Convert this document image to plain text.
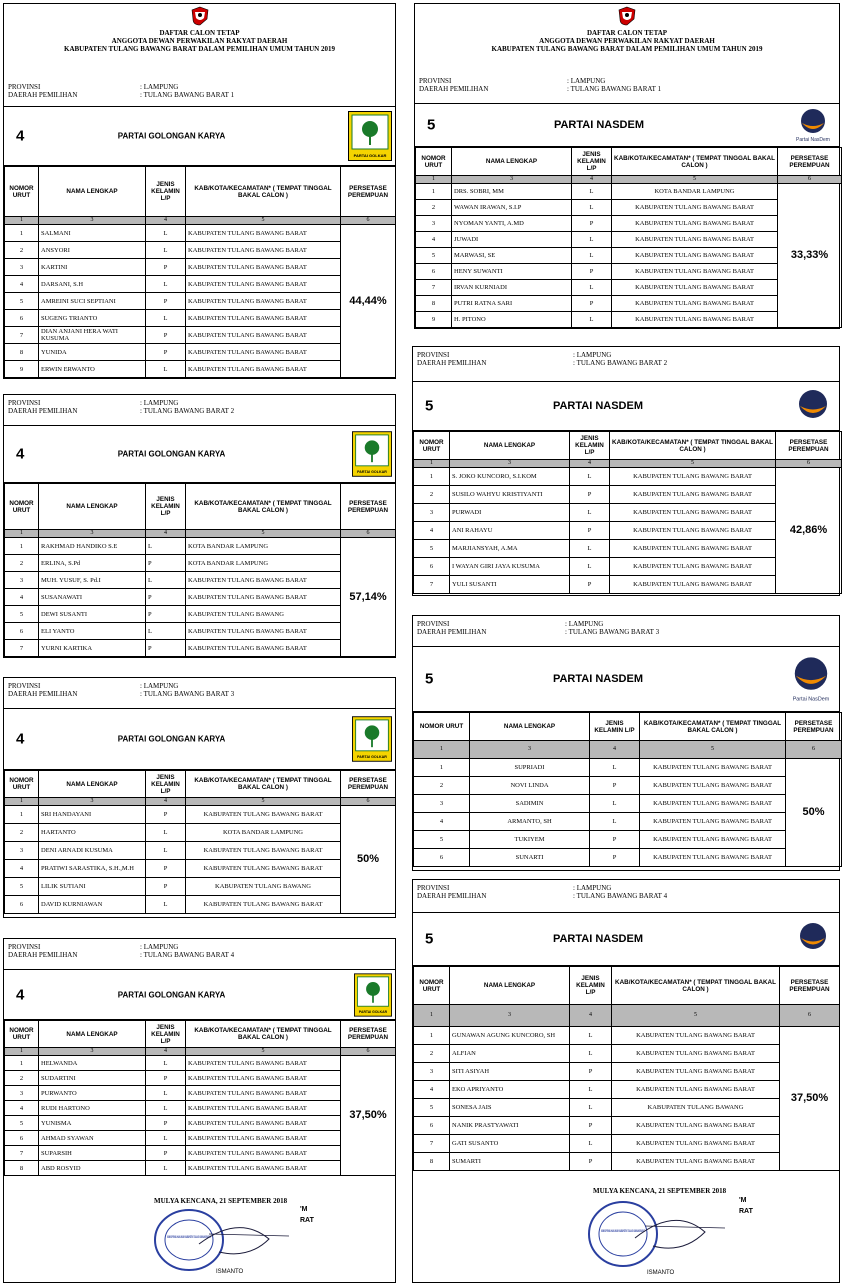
DAFTAR CALON TETAP
ANGGOTA DEWAN PERWAKILAN RAKYAT DAERAH
KABUPATEN TULANG BAWANG BARAT DALAM PEMILIHAN UMUM TAHUN 2019
PROVINSI	: LAMPUNG
DAERAH PEMILIHAN	: TULANG BAWANG BARAT 1
4	PARTAI GOLONGAN KARYA
PARTAI GOLKAR
NOMOR URUT	NAMA LENGKAP	JENIS KELAMIN L/P	KAB/KOTA/KECAMATAN* ( TEMPAT TINGGAL BAKAL CALON )	PERSETASE PEREMPUAN
1	3	4	5	6
1	SALMANI	L	KABUPATEN TULANG BAWANG BARAT	44,44%
2	ANSYORI	L	KABUPATEN TULANG BAWANG BARAT	
3	KARTINI	P	KABUPATEN TULANG BAWANG BARAT	
4	DARSANI, S.H	L	KABUPATEN TULANG BAWANG BARAT	
5	AMREINI SUCI SEPTIANI	P	KABUPATEN TULANG BAWANG BARAT	
6	SUGENG TRIANTO	L	KABUPATEN TULANG BAWANG BARAT	
7	DIAN ANJANI HERA WATI KUSUMA	P	KABUPATEN TULANG BAWANG BARAT	
8	YUNIDA	P	KABUPATEN TULANG BAWANG BARAT	
9	ERWIN ERWANTO	L	KABUPATEN TULANG BAWANG BARAT	
PROVINSI	: LAMPUNG
DAERAH PEMILIHAN	: TULANG BAWANG BARAT 2
4	PARTAI GOLONGAN KARYA
PARTAI GOLKAR
NOMOR URUT	NAMA LENGKAP	JENIS KELAMIN L/P	KAB/KOTA/KECAMATAN* ( TEMPAT TINGGAL BAKAL CALON )	PERSETASE PEREMPUAN
1	3	4	5	6
1	RAKHMAD HANDIKO S.E	L	KOTA BANDAR LAMPUNG	57,14%
2	ERLINA, S.Pd	P	KOTA BANDAR LAMPUNG	
3	MUH. YUSUF, S. Pd.I	L	KABUPATEN TULANG BAWANG BARAT	
4	SUSANAWATI	P	KABUPATEN TULANG BAWANG BARAT	
5	DEWI SUSANTI	P	KABUPATEN TULANG BAWANG	
6	ELI YANTO	L	KABUPATEN TULANG BAWANG BARAT	
7	YURNI KARTIKA	P	KABUPATEN TULANG BAWANG BARAT	
PROVINSI	: LAMPUNG
DAERAH PEMILIHAN	: TULANG BAWANG BARAT 3
4	PARTAI GOLONGAN KARYA
PARTAI GOLKAR
NOMOR URUT	NAMA LENGKAP	JENIS KELAMIN L/P	KAB/KOTA/KECAMATAN* ( TEMPAT TINGGAL BAKAL CALON )	PERSETASE PEREMPUAN
1	3	4	5	6
1	SRI HANDAYANI	P	KABUPATEN TULANG BAWANG BARAT	50%
2	HARTANTO	L	KOTA BANDAR LAMPUNG	
3	DENI ARNADI KUSUMA	L	KABUPATEN TULANG BAWANG BARAT	
4	PRATIWI SARASTIKA, S.H.,M.H	P	KABUPATEN TULANG BAWANG BARAT	
5	LILIK SUTIANI	P	KABUPATEN TULANG BAWANG	
6	DAVID KURNIAWAN	L	KABUPATEN TULANG BAWANG BARAT	
PROVINSI	: LAMPUNG
DAERAH PEMILIHAN	: TULANG BAWANG BARAT 4
4	PARTAI GOLONGAN KARYA
PARTAI GOLKAR
NOMOR URUT	NAMA LENGKAP	JENIS KELAMIN L/P	KAB/KOTA/KECAMATAN* ( TEMPAT TINGGAL BAKAL CALON )	PERSETASE PEREMPUAN
1	3	4	5	6
1	HELWANDA	L	KABUPATEN TULANG BAWANG BARAT	37,50%
2	SUDARTINI	P	KABUPATEN TULANG BAWANG BARAT	
3	PURWANTO	L	KABUPATEN TULANG BAWANG BARAT	
4	RUDI HARTONO	L	KABUPATEN TULANG BAWANG BARAT	
5	YUNISMA	P	KABUPATEN TULANG BAWANG BARAT	
6	AHMAD SYAWAN	L	KABUPATEN TULANG BAWANG BARAT	
7	SUPARSIH	P	KABUPATEN TULANG BAWANG BARAT	
8	ABD ROSYID	L	KABUPATEN TULANG BAWANG BARAT	
MULYA KENCANA, 21 SEPTEMBER 2018
'M
RAT
KOMISI PEMILIHAN UMUM KABUPATEN TULANG BAWANG BARAT
ISMANTO
DAFTAR CALON TETAP
ANGGOTA DEWAN PERWAKILAN RAKYAT DAERAH
KABUPATEN TULANG BAWANG BARAT DALAM PEMILIHAN UMUM TAHUN 2019
PROVINSI	: LAMPUNG
DAERAH PEMILIHAN	: TULANG BAWANG BARAT 1
5	PARTAI NASDEM
Partai NasDem
NOMOR URUT	NAMA LENGKAP	JENIS KELAMIN L/P	KAB/KOTA/KECAMATAN* ( TEMPAT TINGGAL BAKAL CALON )	PERSETASE PEREMPUAN
1	3	4	5	6
1	DRS. SOBRI, MM	L	KOTA BANDAR LAMPUNG	33,33%
2	WAWAN IRAWAN, S.I.P	L	KABUPATEN TULANG BAWANG BARAT	
3	NYOMAN YANTI, A.MD	P	KABUPATEN TULANG BAWANG BARAT	
4	JUWADI	L	KABUPATEN TULANG BAWANG BARAT	
5	MARWASI, SE	L	KABUPATEN TULANG BAWANG BARAT	
6	HENY SUWANTI	P	KABUPATEN TULANG BAWANG BARAT	
7	IRVAN KURNIADI	L	KABUPATEN TULANG BAWANG BARAT	
8	PUTRI RATNA SARI	P	KABUPATEN TULANG BAWANG BARAT	
9	H. PITONO	L	KABUPATEN TULANG BAWANG BARAT	
PROVINSI	: LAMPUNG
DAERAH PEMILIHAN	: TULANG BAWANG BARAT 2
5	PARTAI NASDEM
NOMOR URUT	NAMA LENGKAP	JENIS KELAMIN L/P	KAB/KOTA/KECAMATAN* ( TEMPAT TINGGAL BAKAL CALON )	PERSETASE PEREMPUAN
1	3	4	5	6
1	S. JOKO KUNCORO, S.I.KOM	L	KABUPATEN TULANG BAWANG BARAT	42,86%
2	SUSILO WAHYU KRISTIYANTI	P	KABUPATEN TULANG BAWANG BARAT	
3	PURWADI	L	KABUPATEN TULANG BAWANG BARAT	
4	ANI RAHAYU	P	KABUPATEN TULANG BAWANG BARAT	
5	MARJIANSYAH, A.MA	L	KABUPATEN TULANG BAWANG BARAT	
6	I WAYAN GIRI JAYA KUSUMA	L	KABUPATEN TULANG BAWANG BARAT	
7	YULI SUSANTI	P	KABUPATEN TULANG BAWANG BARAT	
PROVINSI	: LAMPUNG
DAERAH PEMILIHAN	: TULANG BAWANG BARAT 3
5	PARTAI NASDEM
Partai NasDem
NOMOR URUT	NAMA LENGKAP	JENIS KELAMIN L/P	KAB/KOTA/KECAMATAN* ( TEMPAT TINGGAL BAKAL CALON )	PERSETASE PEREMPUAN
1	3	4	5	6
1	SUPRIADI	L	KABUPATEN TULANG BAWANG BARAT	50%
2	NOVI LINDA	P	KABUPATEN TULANG BAWANG BARAT	
3	SADIMIN	L	KABUPATEN TULANG BAWANG BARAT	
4	ARMANTO, SH	L	KABUPATEN TULANG BAWANG BARAT	
5	TUKIYEM	P	KABUPATEN TULANG BAWANG BARAT	
6	SUNARTI	P	KABUPATEN TULANG BAWANG BARAT	
PROVINSI	: LAMPUNG
DAERAH PEMILIHAN	: TULANG BAWANG BARAT 4
5	PARTAI NASDEM
NOMOR URUT	NAMA LENGKAP	JENIS KELAMIN L/P	KAB/KOTA/KECAMATAN* ( TEMPAT TINGGAL BAKAL CALON )	PERSETASE PEREMPUAN
1	3	4	5	6
1	GUNAWAN AGUNG KUNCORO, SH	L	KABUPATEN TULANG BAWANG BARAT	37,50%
2	ALFIAN	L	KABUPATEN TULANG BAWANG BARAT	
3	SITI ASIYAH	P	KABUPATEN TULANG BAWANG BARAT	
4	EKO APRIYANTO	L	KABUPATEN TULANG BAWANG BARAT	
5	SONESA JAIS	L	KABUPATEN TULANG BAWANG	
6	NANIK PRASTYAWATI	P	KABUPATEN TULANG BAWANG BARAT	
7	GATI SUSANTO	L	KABUPATEN TULANG BAWANG BARAT	
8	SUMARTI	P	KABUPATEN TULANG BAWANG BARAT	
MULYA KENCANA, 21 SEPTEMBER 2018
'M
RAT
KOMISI PEMILIHAN UMUM KABUPATEN TULANG BAWANG BARAT
ISMANTO
